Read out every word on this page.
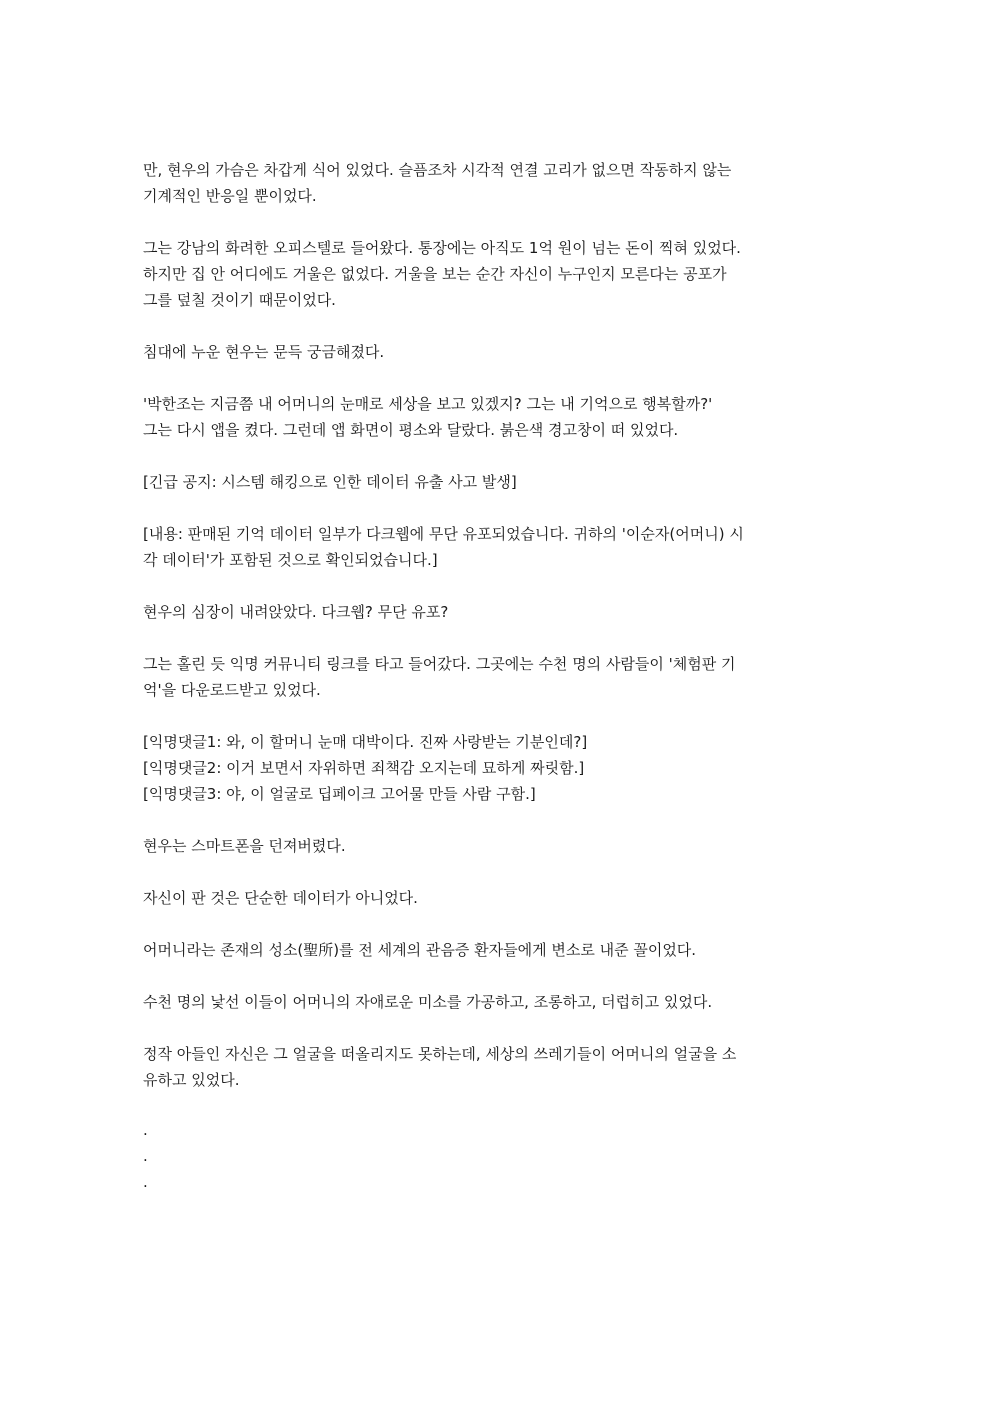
만, 현우의 가슴은 차갑게 식어 있었다. 슬픔조차 시각적 연결 고리가 없으면 작동하지 않는
기계적인 반응일 뿐이었다.

그는 강남의 화려한 오피스텔로 들어왔다. 통장에는 아직도 1억 원이 넘는 돈이 찍혀 있었다.
하지만 집 안 어디에도 거울은 없었다. 거울을 보는 순간 자신이 누구인지 모른다는 공포가
그를 덮칠 것이기 때문이었다.

침대에 누운 현우는 문득 궁금해졌다.

'박한조는 지금쯤 내 어머니의 눈매로 세상을 보고 있겠지? 그는 내 기억으로 행복할까?'
그는 다시 앱을 켰다. 그런데 앱 화면이 평소와 달랐다. 붉은색 경고창이 떠 있었다.

[긴급 공지: 시스템 해킹으로 인한 데이터 유출 사고 발생]

[내용: 판매된 기억 데이터 일부가 다크웹에 무단 유포되었습니다. 귀하의 '이순자(어머니) 시
각 데이터'가 포함된 것으로 확인되었습니다.]

현우의 심장이 내려앉았다. 다크웹? 무단 유포?

그는 홀린 듯 익명 커뮤니티 링크를 타고 들어갔다. 그곳에는 수천 명의 사람들이 '체험판 기
억'을 다운로드받고 있었다.

[익명댓글1: 와, 이 할머니 눈매 대박이다. 진짜 사랑받는 기분인데?]
[익명댓글2: 이거 보면서 자위하면 죄책감 오지는데 묘하게 짜릿함.]
[익명댓글3: 야, 이 얼굴로 딥페이크 고어물 만들 사람 구함.]

현우는 스마트폰을 던져버렸다.

자신이 판 것은 단순한 데이터가 아니었다.

어머니라는 존재의 성소(聖所)를 전 세계의 관음증 환자들에게 변소로 내준 꼴이었다.

수천 명의 낯선 이들이 어머니의 자애로운 미소를 가공하고, 조롱하고, 더럽히고 있었다.

정작 아들인 자신은 그 얼굴을 떠올리지도 못하는데, 세상의 쓰레기들이 어머니의 얼굴을 소
유하고 있었다.

.
.
.
